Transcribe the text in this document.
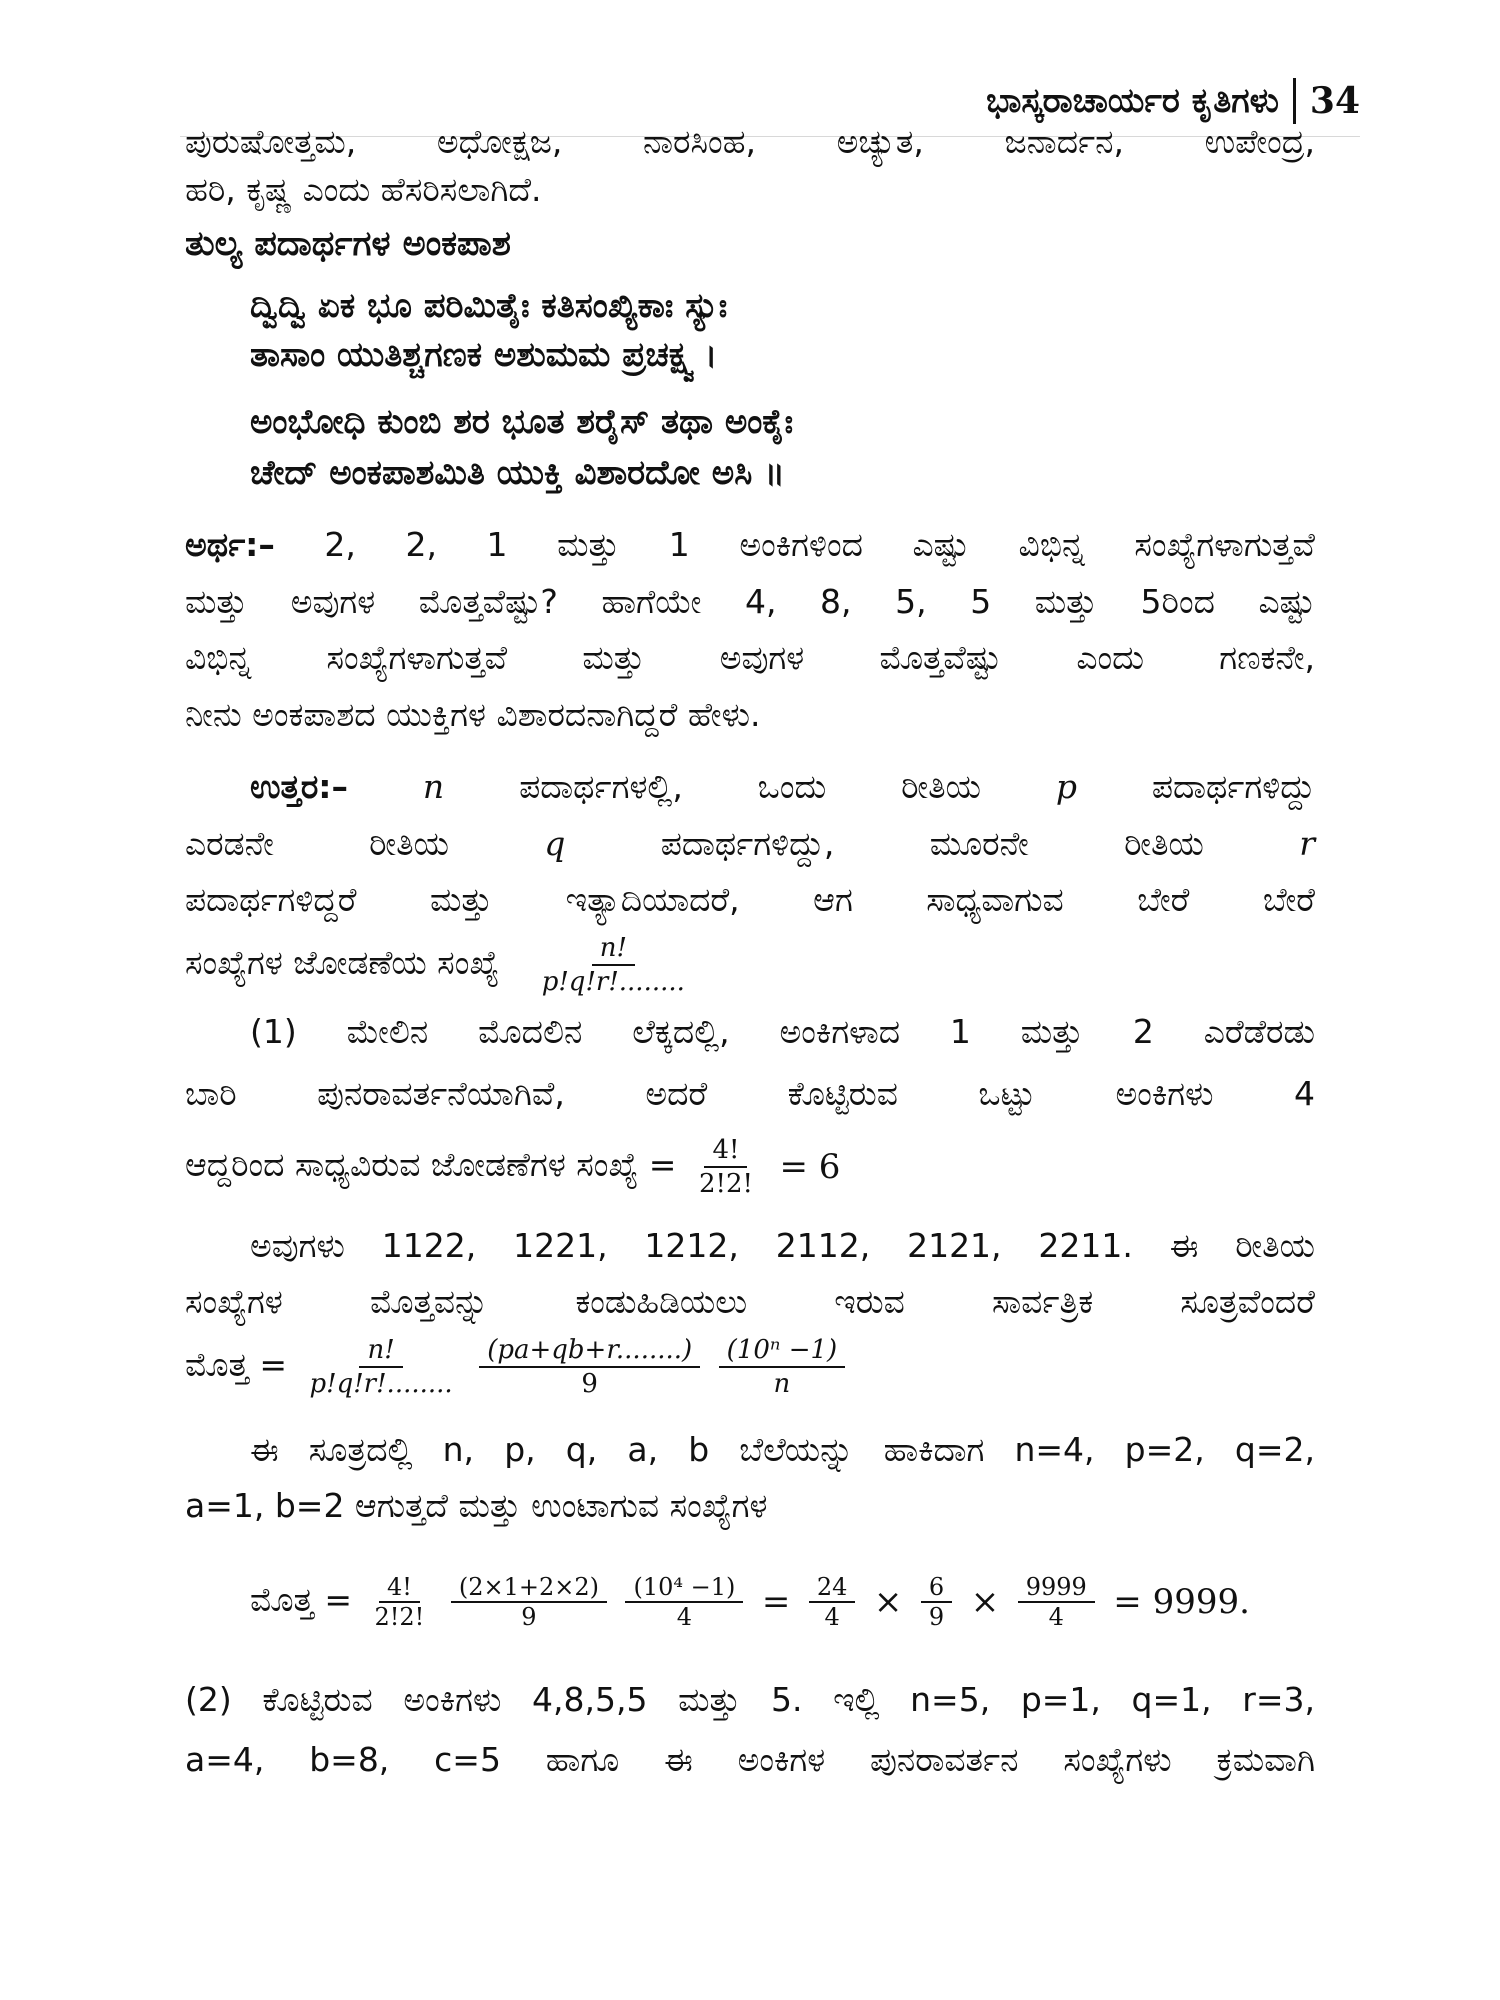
ಭಾಸ್ಕರಾಚಾರ್ಯರ ಕೃತಿಗಳು 34
ಪುರುಷೋತ್ತಮ, ಅಧೋಕ್ಷಜ, ನಾರಸಿಂಹ, ಅಚ್ಯುತ, ಜನಾರ್ದನ, ಉಪೇಂದ್ರ,
ಹರಿ, ಕೃಷ್ಣ ಎಂದು ಹೆಸರಿಸಲಾಗಿದೆ.
ತುಲ್ಯ ಪದಾರ್ಥಗಳ ಅಂಕಪಾಶ
ದ್ವಿದ್ವಿ ಏಕ ಭೂ ಪರಿಮಿತೈಃ ಕತಿಸಂಖ್ಯಿಕಾಃ ಸ್ಯುಃ
ತಾಸಾಂ ಯುತಿಶ್ಚಗಣಕ ಅಶುಮಮ ಪ್ರಚಕ್ಷ್ವ ।
ಅಂಭೋಧಿ ಕುಂಬಿ ಶರ ಭೂತ ಶರೈಸ್ ತಥಾ ಅಂಕೈಃ
ಚೇದ್ ಅಂಕಪಾಶಮಿತಿ ಯುಕ್ತಿ ವಿಶಾರದೋ ಅಸಿ ॥
ಅರ್ಥ:– 2, 2, 1 ಮತ್ತು 1 ಅಂಕಿಗಳಿಂದ ಎಷ್ಟು ವಿಭಿನ್ನ ಸಂಖ್ಯೆಗಳಾಗುತ್ತವೆ
ಮತ್ತು ಅವುಗಳ ಮೊತ್ತವೆಷ್ಟು? ಹಾಗೆಯೇ 4, 8, 5, 5 ಮತ್ತು 5ರಿಂದ ಎಷ್ಟು
ವಿಭಿನ್ನ ಸಂಖ್ಯೆಗಳಾಗುತ್ತವೆ ಮತ್ತು ಅವುಗಳ ಮೊತ್ತವೆಷ್ಟು ಎಂದು ಗಣಕನೇ,
ನೀನು ಅಂಕಪಾಶದ ಯುಕ್ತಿಗಳ ವಿಶಾರದನಾಗಿದ್ದರೆ ಹೇಳು.
ಉತ್ತರ:– n ಪದಾರ್ಥಗಳಲ್ಲಿ, ಒಂದು ರೀತಿಯ p ಪದಾರ್ಥಗಳಿದ್ದು
ಎರಡನೇ ರೀತಿಯ	q	ಪದಾರ್ಥಗಳಿದ್ದು, ಮೂರನೇ ರೀತಿಯ	r
ಪದಾರ್ಥಗಳಿದ್ದರೆ ಮತ್ತು ಇತ್ಯಾದಿಯಾದರೆ, ಆಗ ಸಾಧ್ಯವಾಗುವ ಬೇರೆ ಬೇರೆ
ಸಂಖ್ಯೆಗಳ ಜೋಡಣೆಯ ಸಂಖ್ಯೆ $\frac{n!}{p!q!r!........}$
(1) ಮೇಲಿನ ಮೊದಲಿನ ಲೆಕ್ಕದಲ್ಲಿ, ಅಂಕಿಗಳಾದ 1 ಮತ್ತು 2 ಎರೆಡೆರಡು
ಬಾರಿ ಪುನರಾವರ್ತನೆಯಾಗಿವೆ, ಅದರೆ ಕೊಟ್ಟಿರುವ ಒಟ್ಟು ಅಂಕಿಗಳು 4
ಆದ್ದರಿಂದ ಸಾಧ್ಯವಿರುವ ಜೋಡಣೆಗಳ ಸಂಖ್ಯೆ = $\frac{4!}{2!2!} = 6$
ಅವುಗಳು 1122, 1221, 1212, 2112, 2121, 2211. ಈ ರೀತಿಯ
ಸಂಖ್ಯೆಗಳ ಮೊತ್ತವನ್ನು ಕಂಡುಹಿಡಿಯಲು ಇರುವ ಸಾರ್ವತ್ರಿಕ ಸೂತ್ರವೆಂದರೆ
ಮೊತ್ತ = $\frac{n!}{p!q!r!........}$
$\frac{(pa+qb+r........)}{9}$
$\frac{\text{(10ⁿ −1)}}{n}$
ಈ ಸೂತ್ರದಲ್ಲಿ n, p, q, a, b ಬೆಲೆಯನ್ನು ಹಾಕಿದಾಗ n=4, p=2, q=2,
a=1, b=2 ಆಗುತ್ತದೆ ಮತ್ತು ಉಂಟಾಗುವ ಸಂಖ್ಯೆಗಳ
ಮೊತ್ತ = $\frac{4!}{2!2!}$
$\frac{(2\times 1+2\times 2)}{9}$
$\frac{\text{(10⁴ −1)}}{4} = \frac{24}{4} \times \frac{6}{9} \times \frac{9999}{4} = 9999$.
(2) ಕೊಟ್ಟಿರುವ ಅಂಕಿಗಳು 4,8,5,5 ಮತ್ತು 5. ಇಲ್ಲಿ n=5, p=1, q=1, r=3,
a=4, b=8, c=5 ಹಾಗೂ ಈ ಅಂಕಿಗಳ ಪುನರಾವರ್ತನ ಸಂಖ್ಯೆಗಳು ಕ್ರಮವಾಗಿ
